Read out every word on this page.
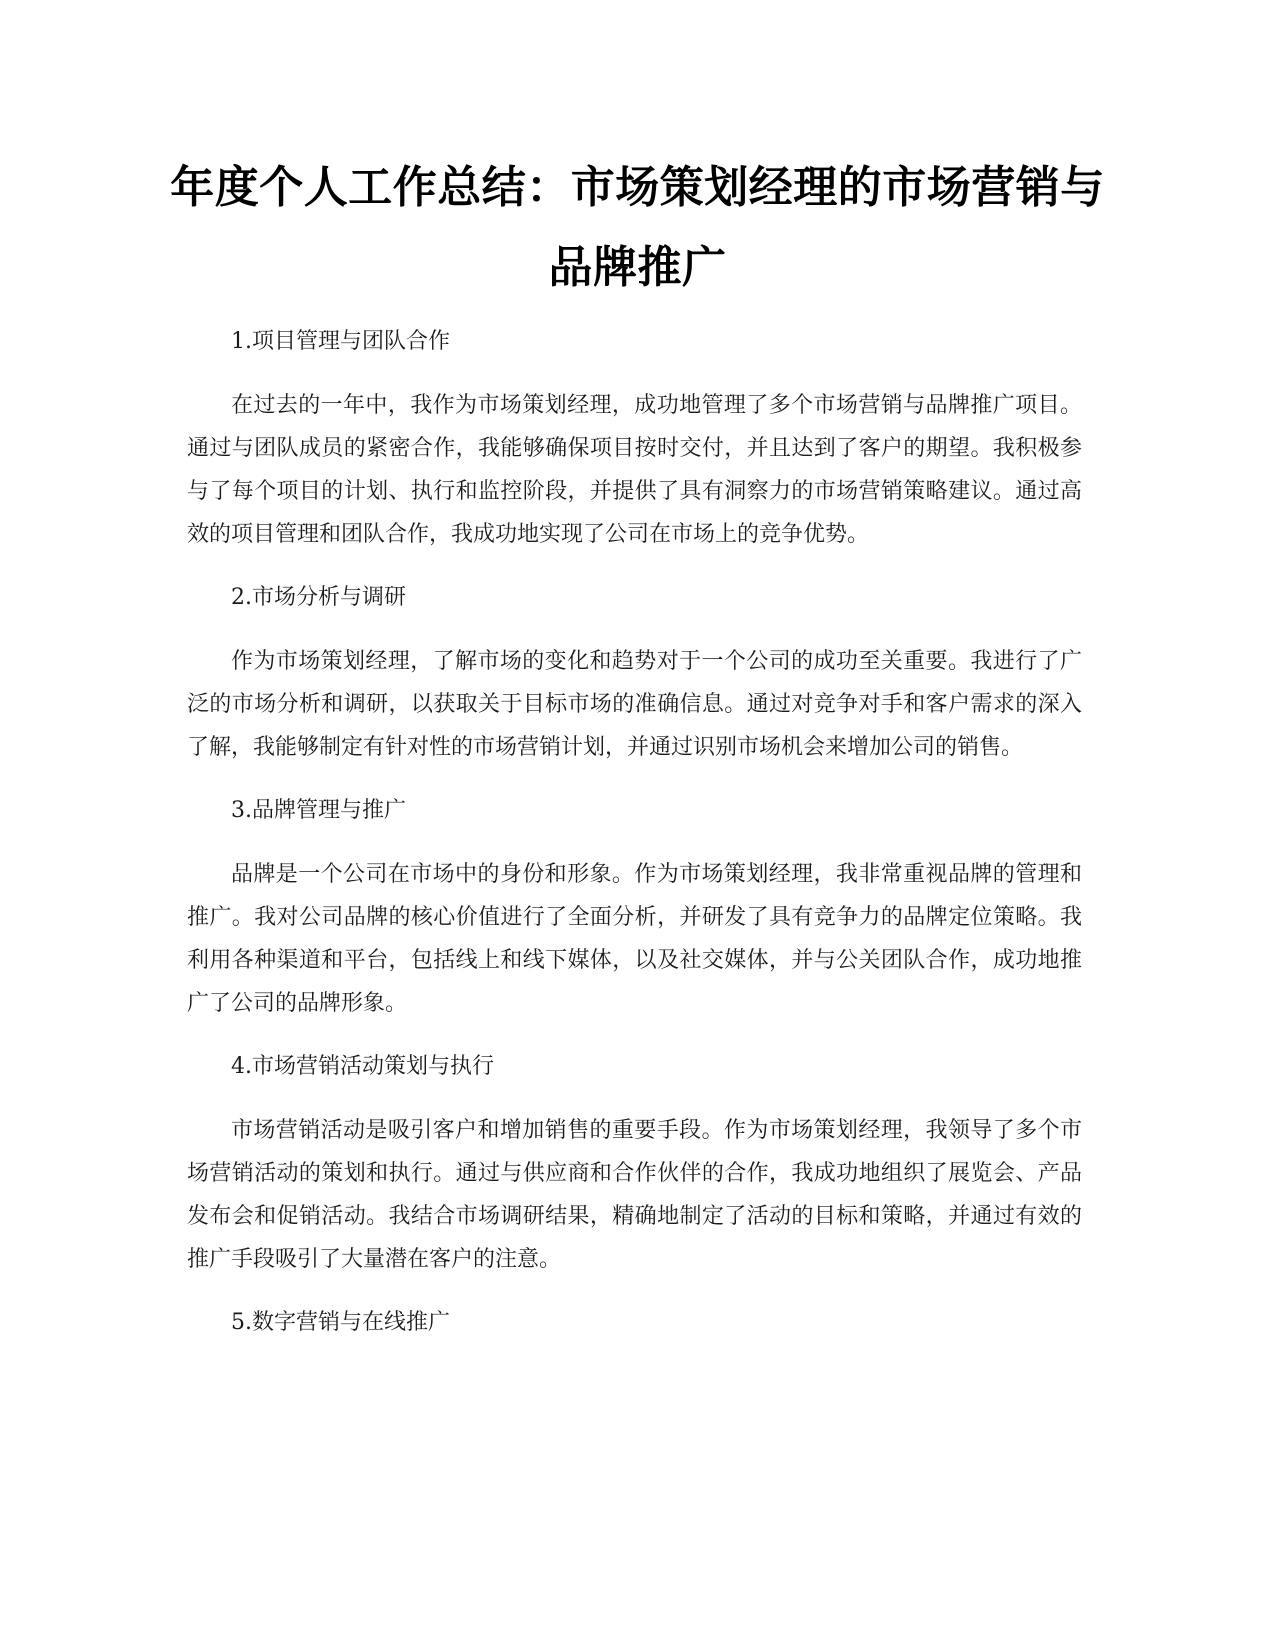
年度个人工作总结：市场策划经理的市场营销与品牌推广

1.项目管理与团队合作

在过去的一年中，我作为市场策划经理，成功地管理了多个市场营销与品牌推广项目。通过与团队成员的紧密合作，我能够确保项目按时交付，并且达到了客户的期望。我积极参与了每个项目的计划、执行和监控阶段，并提供了具有洞察力的市场营销策略建议。通过高效的项目管理和团队合作，我成功地实现了公司在市场上的竞争优势。

2.市场分析与调研

作为市场策划经理，了解市场的变化和趋势对于一个公司的成功至关重要。我进行了广泛的市场分析和调研，以获取关于目标市场的准确信息。通过对竞争对手和客户需求的深入了解，我能够制定有针对性的市场营销计划，并通过识别市场机会来增加公司的销售。

3.品牌管理与推广

品牌是一个公司在市场中的身份和形象。作为市场策划经理，我非常重视品牌的管理和推广。我对公司品牌的核心价值进行了全面分析，并研发了具有竞争力的品牌定位策略。我利用各种渠道和平台，包括线上和线下媒体，以及社交媒体，并与公关团队合作，成功地推广了公司的品牌形象。

4.市场营销活动策划与执行

市场营销活动是吸引客户和增加销售的重要手段。作为市场策划经理，我领导了多个市场营销活动的策划和执行。通过与供应商和合作伙伴的合作，我成功地组织了展览会、产品发布会和促销活动。我结合市场调研结果，精确地制定了活动的目标和策略，并通过有效的推广手段吸引了大量潜在客户的注意。

5.数字营销与在线推广
